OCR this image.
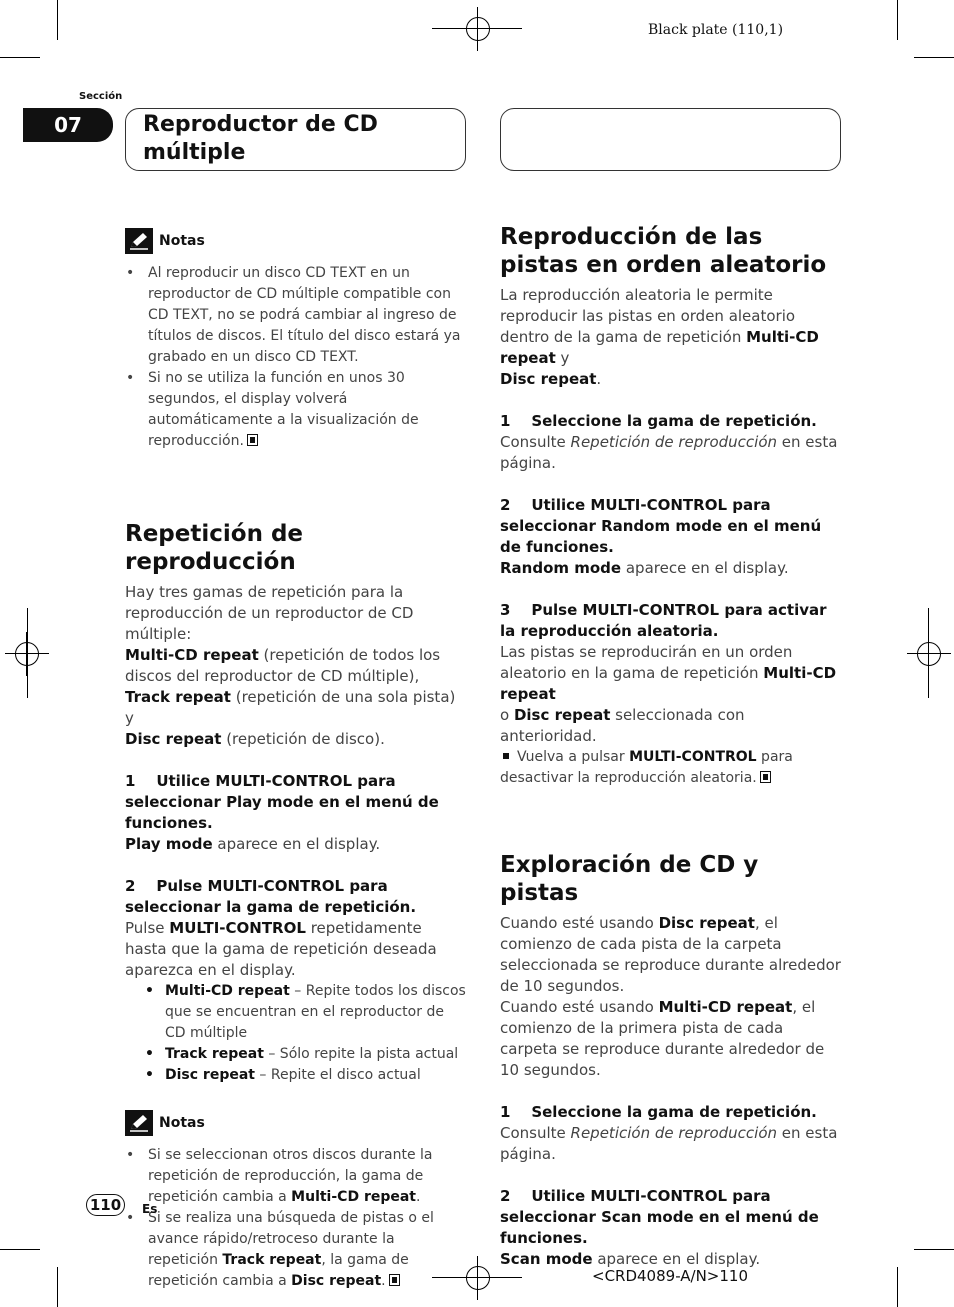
Black plate (110,1)
Sección
07	Reproductor de CD múltiple
Notas
• Al reproducir un disco CD TEXT en un reproductor de CD múltiple compatible con CD TEXT, no se podrá cambiar al ingreso de títulos de discos. El título del disco estará ya grabado en un disco CD TEXT.
• Si no se utiliza la función en unos 30 segundos, el display volverá automáticamente a la visualización de reproducción.
Repetición de reproducción

Hay tres gamas de repetición para la reproducción de un reproductor de CD múltiple:
Multi-CD repeat (repetición de todos los discos del reproductor de CD múltiple),
Track repeat (repetición de una sola pista) y
Disc repeat (repetición de disco).

1 Utilice MULTI-CONTROL para seleccionar Play mode en el menú de funciones.

Play mode aparece en el display.

2 Pulse MULTI-CONTROL para seleccionar la gama de repetición.

Pulse MULTI-CONTROL repetidamente hasta que la gama de repetición deseada aparezca en el display.

• Multi-CD repeat – Repite todos los discos que se encuentran en el reproductor de CD múltiple
• Track repeat – Sólo repite la pista actual
• Disc repeat – Repite el disco actual
Notas
• Si se seleccionan otros discos durante la repetición de reproducción, la gama de repetición cambia a Multi-CD repeat.
• Si se realiza una búsqueda de pistas o el avance rápido/retroceso durante la repetición Track repeat, la gama de repetición cambia a Disc repeat.
Reproducción de las pistas en orden aleatorio

La reproducción aleatoria le permite reproducir las pistas en orden aleatorio dentro de la gama de repetición Multi-CD repeat y
Disc repeat.

1 Seleccione la gama de repetición.

Consulte Repetición de reproducción en esta página.

2 Utilice MULTI-CONTROL para seleccionar Random mode en el menú de funciones.

Random mode aparece en el display.

3 Pulse MULTI-CONTROL para activar la reproducción aleatoria.

Las pistas se reproducirán en un orden aleatorio en la gama de repetición Multi-CD repeat
o Disc repeat seleccionada con anterioridad.

Vuelva a pulsar MULTI-CONTROL para desactivar la reproducción aleatoria.

Exploración de CD y pistas

Cuando esté usando Disc repeat, el comienzo de cada pista de la carpeta seleccionada se reproduce durante alrededor de 10 segundos.

Cuando esté usando Multi-CD repeat, el comienzo de la primera pista de cada carpeta se reproduce durante alrededor de 10 segundos.

1 Seleccione la gama de repetición.

Consulte Repetición de reproducción en esta página.

2 Utilice MULTI-CONTROL para seleccionar Scan mode en el menú de funciones.

Scan mode aparece en el display.

110	Es
<CRD4089-A/N>110
